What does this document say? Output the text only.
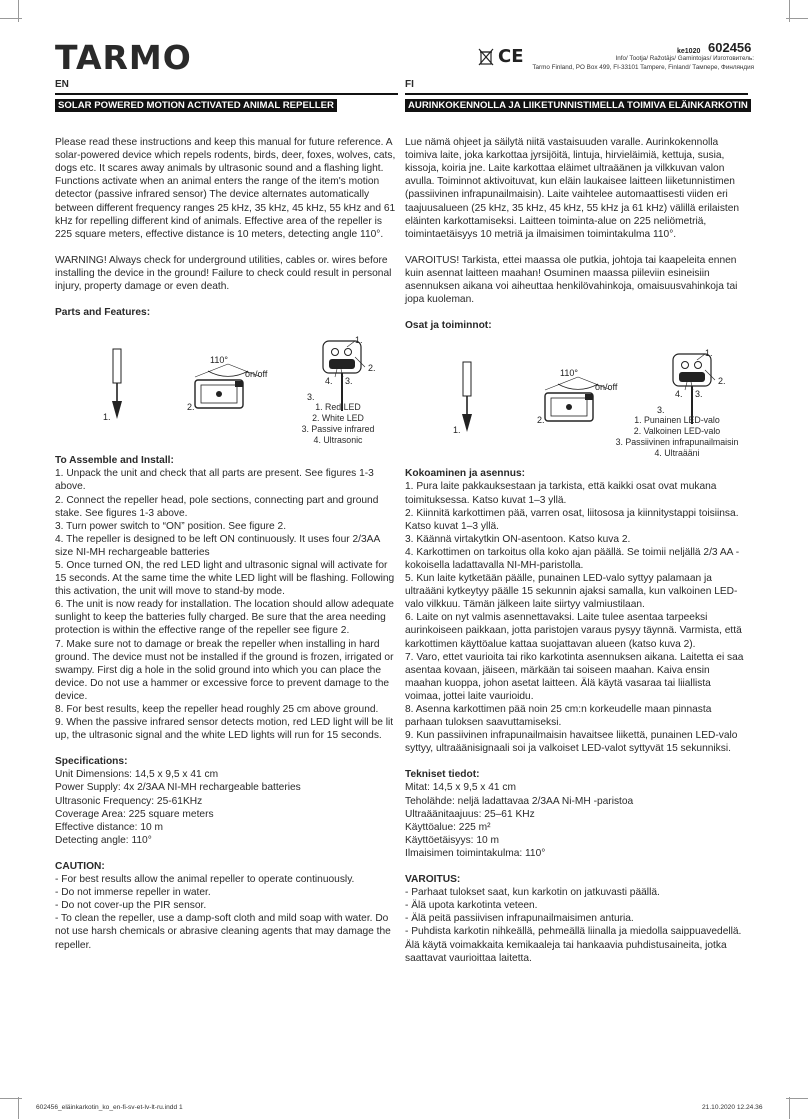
TARMO	CE	ke1020 602456
Info/ Tootja/ Ražotājs/ Gamintojas/ Изготовитель:
Tarmo Finland, PO Box 499, FI-33101 Tampere, Finland/ Тампере, Финляндия
EN
SOLAR POWERED MOTION ACTIVATED ANIMAL REPELLER

Please read these instructions and keep this manual for future reference. A solar-powered device which repels rodents, birds, deer, foxes, wolves, cats, dogs etc. It scares away animals by ultrasonic sound and a flashing light. Functions activate when an animal enters the range of the item's motion detector (passive infrared sensor) The device alternates automatically between different frequency ranges 25 kHz, 35 kHz, 45 kHz, 55 kHz and 61 kHz for repelling different kind of animals. Effective area of the repeller is 225 square meters, effective distance is 10 meters, detecting angle 110°.

WARNING! Always check for underground utilities, cables or. wires before installing the device in the ground! Failure to check could result in personal injury, property damage or even death.

Parts and Features:

1.
2.
110°
on/off
1.
2.
3.
4.
3.
1. Red LED
2. White LED
3. Passive infrared
4. Ultrasonic

To Assemble and Install:

1. Unpack the unit and check that all parts are present. See figures 1-3 above.

2. Connect the repeller head, pole sections, connecting part and ground stake. See figures 1-3 above.

3. Turn power switch to “ON” position. See figure 2.

4. The repeller is designed to be left ON continuously. It uses four 2/3AA size NI-MH rechargeable batteries

5. Once turned ON, the red LED light and ultrasonic signal will activate for 15 seconds. At the same time the white LED light will be flashing. Following this activation, the unit will move to stand-by mode.

6. The unit is now ready for installation. The location should allow adequate sunlight to keep the batteries fully charged. Be sure that the area needing protection is within the effective range of the repeller see figure 2.

7. Make sure not to damage or break the repeller when installing in hard ground. The device must not be installed if the ground is frozen, irrigated or swampy. First dig a hole in the solid ground into which you can place the device. Do not use a hammer or excessive force to prevent damage to the device.

8. For best results, keep the repeller head roughly 25 cm above ground.

9. When the passive infrared sensor detects motion, red LED light will be lit up, the ultrasonic signal and the white LED lights will run for 15 seconds.

Specifications:

Unit Dimensions: 14,5 x 9,5 x 41 cm

Power Supply: 4x 2/3AA NI-MH rechargeable batteries

Ultrasonic Frequency: 25-61KHz

Coverage Area: 225 square meters

Effective distance: 10 m

Detecting angle: 110°

CAUTION:

- For best results allow the animal repeller to operate continuously.

- Do not immerse repeller in water.

- Do not cover-up the PIR sensor.

- To clean the repeller, use a damp-soft cloth and mild soap with water. Do not use harsh chemicals or abrasive cleaning agents that may damage the repeller.

FI
AURINKOKENNOLLA JA LIIKETUNNISTIMELLA TOIMIVA ELÄINKARKOTIN

Lue nämä ohjeet ja säilytä niitä vastaisuuden varalle. Aurinkokennolla toimiva laite, joka karkottaa jyrsijöitä, lintuja, hirvieläimiä, kettuja, susia, kissoja, koiria jne. Laite karkottaa eläimet ultraäänen ja vilkkuvan valon avulla. Toiminnot aktivoituvat, kun eläin laukaisee laitteen liiketunnistimen (passiivinen infrapunailmaisin). Laite vaihtelee automaattisesti viiden eri taajuusalueen (25 kHz, 35 kHz, 45 kHz, 55 kHz ja 61 kHz) välillä erilaisten eläinten karkottamiseksi. Laitteen toiminta-alue on 225 neliömetriä, toimintaetäisyys 10 metriä ja ilmaisimen toimintakulma 110°.

VAROITUS! Tarkista, ettei maassa ole putkia, johtoja tai kaapeleita ennen kuin asennat laitteen maahan! Osuminen maassa piileviin esineisiin asennuksen aikana voi aiheuttaa henkilövahinkoja, omaisuusvahinkoja tai jopa kuoleman.

Osat ja toiminnot:

1.
2.
110°
on/off
1.
2.
3.
4.
3.
1. Punainen LED-valo
2. Valkoinen LED-valo
3. Passiivinen infrapunailmaisin
4. Ultraääni

Kokoaminen ja asennus:

1. Pura laite pakkauksestaan ja tarkista, että kaikki osat ovat mukana toimituksessa. Katso kuvat 1–3 yllä.

2. Kiinnitä karkottimen pää, varren osat, liitososa ja kiinnitystappi toisiinsa. Katso kuvat 1–3 yllä.

3. Käännä virtakytkin ON-asentoon. Katso kuva 2.

4. Karkottimen on tarkoitus olla koko ajan päällä. Se toimii neljällä 2/3 AA -kokoisella ladattavalla NI-MH-paristolla.

5. Kun laite kytketään päälle, punainen LED-valo syttyy palamaan ja ultraääni kytkeytyy päälle 15 sekunnin ajaksi samalla, kun valkoinen LED-valo vilkkuu. Tämän jälkeen laite siirtyy valmiustilaan.

6. Laite on nyt valmis asennettavaksi. Laite tulee asentaa tarpeeksi aurinkoiseen paikkaan, jotta paristojen varaus pysyy täynnä. Varmista, että karkottimen käyttöalue kattaa suojattavan alueen (katso kuva 2).

7. Varo, ettet vaurioita tai riko karkotinta asennuksen aikana. Laitetta ei saa asentaa kovaan, jäiseen, märkään tai soiseen maahan. Kaiva ensin maahan kuoppa, johon asetat laitteen. Älä käytä vasaraa tai liiallista voimaa, jottei laite vaurioidu.

8. Asenna karkottimen pää noin 25 cm:n korkeudelle maan pinnasta parhaan tuloksen saavuttamiseksi.

9. Kun passiivinen infrapunailmaisin havaitsee liikettä, punainen LED-valo syttyy, ultraäänisignaali soi ja valkoiset LED-valot syttyvät 15 sekunniksi.

Tekniset tiedot:

Mitat: 14,5 x 9,5 x 41 cm

Teholähde: neljä ladattavaa 2/3AA Ni-MH -paristoa

Ultraäänitaajuus: 25–61 KHz

Käyttöalue: 225 m²

Käyttöetäisyys: 10 m

Ilmaisimen toimintakulma: 110°

VAROITUS:

- Parhaat tulokset saat, kun karkotin on jatkuvasti päällä.

- Älä upota karkotinta veteen.

- Älä peitä passiivisen infrapunailmaisimen anturia.

- Puhdista karkotin nihkeällä, pehmeällä liinalla ja miedolla saippuavedellä. Älä käytä voimakkaita kemikaaleja tai hankaavia puhdistusaineita, jotka saattavat vaurioittaa laitetta.

602456_eläinkarkotin_ko_en-fi-sv-et-lv-lt-ru.indd 1	21.10.2020 12.24.36
